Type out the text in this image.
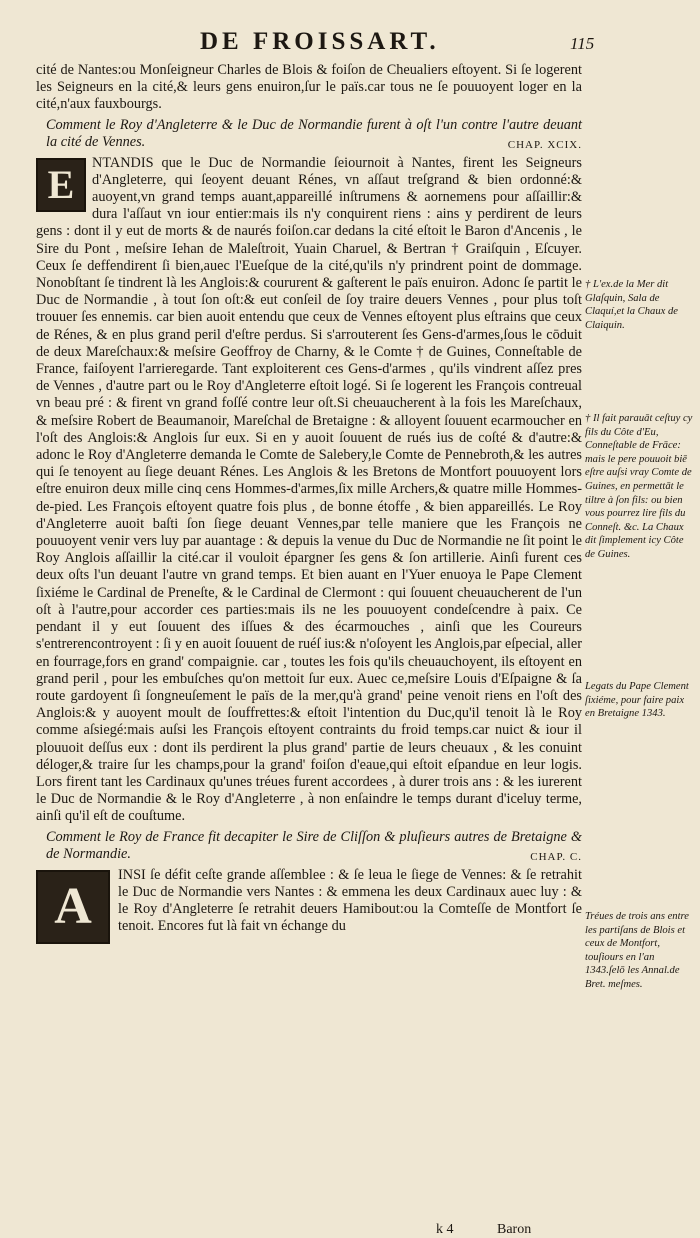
DE FROISSART.	115

cité de Nantes:ou Monſeigneur Charles de Blois & foiſon de Cheualiers eſtoyent. Si ſe logerent les Seigneurs en la cité,& leurs gens enuiron,ſur le païs.car tous ne ſe pouuoyent loger en la cité,n'aux fauxbourgs.

Comment le Roy d'Angleterre & le Duc de Normandie furent à oſt l'un contre l'autre deuant la cité de Vennes.	CHAP. XCIX.

E	NTANDIS que le Duc de Normandie ſeiournoit à Nantes, firent les Seigneurs d'Angleterre, qui ſeoyent deuant Rénes, vn aſſaut treſgrand & bien ordonné:& auoyent,vn grand temps auant,appareillé inſtrumens & aornemens pour aſſaillir:& dura l'aſſaut vn iour entier:mais ils n'y conquirent riens : ains y perdirent de leurs gens : dont il y eut de morts & de naurés foiſon.car dedans la cité eſtoit le Baron d'Ancenis , le Sire du Pont , meſsire Iehan de Maleſtroit, Yuain Charuel, & Bertran † Graiſquin , Eſcuyer. Ceux ſe deffendirent ſi bien,auec l'Eueſque de la cité,qu'ils n'y prindrent point de dommage. Nonobſtant ſe tindrent là les Anglois:& coururent & gaſterent le païs enuiron. Adonc ſe partit le Duc de Normandie , à tout ſon oſt:& eut conſeil de ſoy traire deuers Vennes , pour plus toſt trouuer ſes ennemis. car bien auoit entendu que ceux de Vennes eſtoyent plus eſtrains que ceux de Rénes, & en plus grand peril d'eſtre perdus. Si s'arrouterent ſes Gens-d'armes,ſous le cōduit de deux Mareſchaux:& meſsire Geoffroy de Charny, & le Comte † de Guines, Conneſtable de France, faiſoyent l'arrieregarde. Tant exploiterent ces Gens-d'armes , qu'ils vindrent aſſez pres de Vennes , d'autre part ou le Roy d'Angleterre eſtoit logé. Si ſe logerent les François contreual vn beau pré : & firent vn grand foſſé contre leur oſt.Si cheuaucherent à la fois les Mareſchaux, & meſsire Robert de Beaumanoir, Mareſchal de Bretaigne : & alloyent ſouuent ecarmoucher en l'oſt des Anglois:& Anglois ſur eux. Si en y auoit ſouuent de rués ius de coſté & d'autre:& adonc le Roy d'Angleterre demanda le Comte de Salebery,le Comte de Pennebroth,& les autres qui ſe tenoyent au ſiege deuant Rénes. Les Anglois & les Bretons de Montfort pouuoyent lors eſtre enuiron deux mille cinq cens Hommes-d'armes,ſix mille Archers,& quatre mille Hommes-de-pied. Les François eſtoyent quatre fois plus , de bonne étoffe , & bien appareillés. Le Roy d'Angleterre auoit baſti ſon ſiege deuant Vennes,par telle maniere que les François ne pouuoyent venir vers luy par auantage : & depuis la venue du Duc de Normandie ne ſit point le Roy Anglois aſſaillir la cité.car il vouloit épargner ſes gens & ſon artillerie. Ainſi furent ces deux oſts l'un deuant l'autre vn grand temps. Et bien auant en l'Yuer enuoya le Pape Clement ſixiéme le Cardinal de Preneſte, & le Cardinal de Clermont : qui ſouuent cheuaucherent de l'un oſt à l'autre,pour accorder ces parties:mais ils ne les pouuoyent condeſcendre à paix. Ce pendant il y eut ſouuent des iſſues & des écarmouches , ainſi que les Coureurs s'entrerencontroyent : ſi y en auoit ſouuent de ruéſ ius:& n'oſoyent les Anglois,par eſpecial, aller en fourrage,fors en grand' compaignie. car , toutes les fois qu'ils cheuauchoyent, ils eſtoyent en grand peril , pour les embuſches qu'on mettoit ſur eux. Auec ce,meſsire Louis d'Eſpaigne & ſa route gardoyent ſi ſongneuſement le païs de la mer,qu'à grand' peine venoit riens en l'oſt des Anglois:& y auoyent moult de ſouffrettes:& eſtoit l'intention du Duc,qu'il tenoit là le Roy comme aſsiegé:mais auſsi les François eſtoyent contraints du froid temps.car nuict & iour il plouuoit deſſus eux : dont ils perdirent la plus grand' partie de leurs cheuaux , & les conuint déloger,& traire ſur les champs,pour la grand' foiſon d'eaue,qui eſtoit eſpandue en leur logis. Lors firent tant les Cardinaux qu'unes tréues furent accordees , à durer trois ans : & les iurerent le Duc de Normandie & le Roy d'Angleterre , à non enſaindre le temps durant d'iceluy terme, ainſi qu'il eſt de couſtume.

Comment le Roy de France fit decapiter le Sire de Cliſſon & pluſieurs autres de Bretaigne & de Normandie.	CHAP. C.

A
INSI ſe défit ceſte grande aſſemblee : & ſe leua le ſiege de Vennes: & ſe retrahit le Duc de Normandie vers Nantes : & emmena les deux Cardinaux auec luy : & le Roy d'Angleterre ſe retrahit deuers Hamibout:ou la Comteſſe de Montfort ſe tenoit. Encores fut là fait vn échange du

† L'ex.de la Mer dit Glaſquin, Sala de Claquí,et la Chaux de Claiquin.
† Il fait parauāt ceſtuy cy fils du Côte d'Eu, Conneſtable de Frāce: mais le pere pouuoit biē eſtre auſsi vray Comte de Guines, en permettāt le tiltre à ſon fils: ou bien vous pourrez lire fils du Conneſt. &c. La Chaux dit ſimplement icy Côte de Guines.
Legats du Pape Clement ſixiéme, pour faire paix en Bretaigne 1343.
Tréues de trois ans entre les partiſans de Blois et ceux de Montfort, touſiours en l'an 1343.ſelō les Annal.de Bret. meſmes.
k 4	Baron
